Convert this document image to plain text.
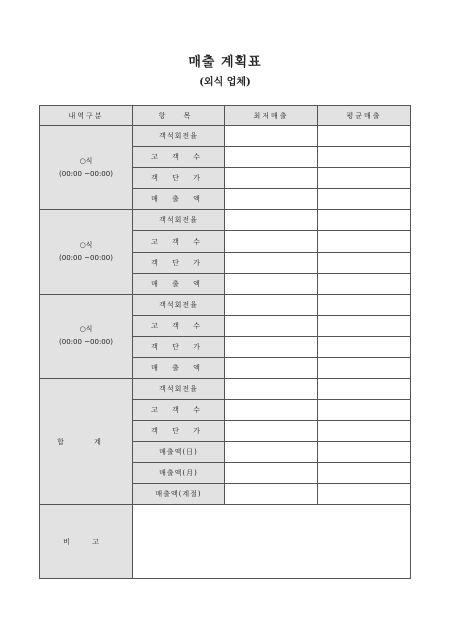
매출 계획표
(외식 업체)
내역구분	항 목	최저매출	평균매출

○식
(00:00 ~00:00)	객석회전율		
	고 객 수		
	객 단 가		
	매 출 액		

○식
(00:00 ~00:00)	객석회전율		
	고 객 수		
	객 단 가		
	매 출 액		

○식
(00:00 ~00:00)	객석회전율		
	고 객 수		
	객 단 가		
	매 출 액		
합 계	객석회전율		
	고 객 수		
	객 단 가		
	매출액(日)		
	매출액(月)		
	매출액(계절)		
비 고			
